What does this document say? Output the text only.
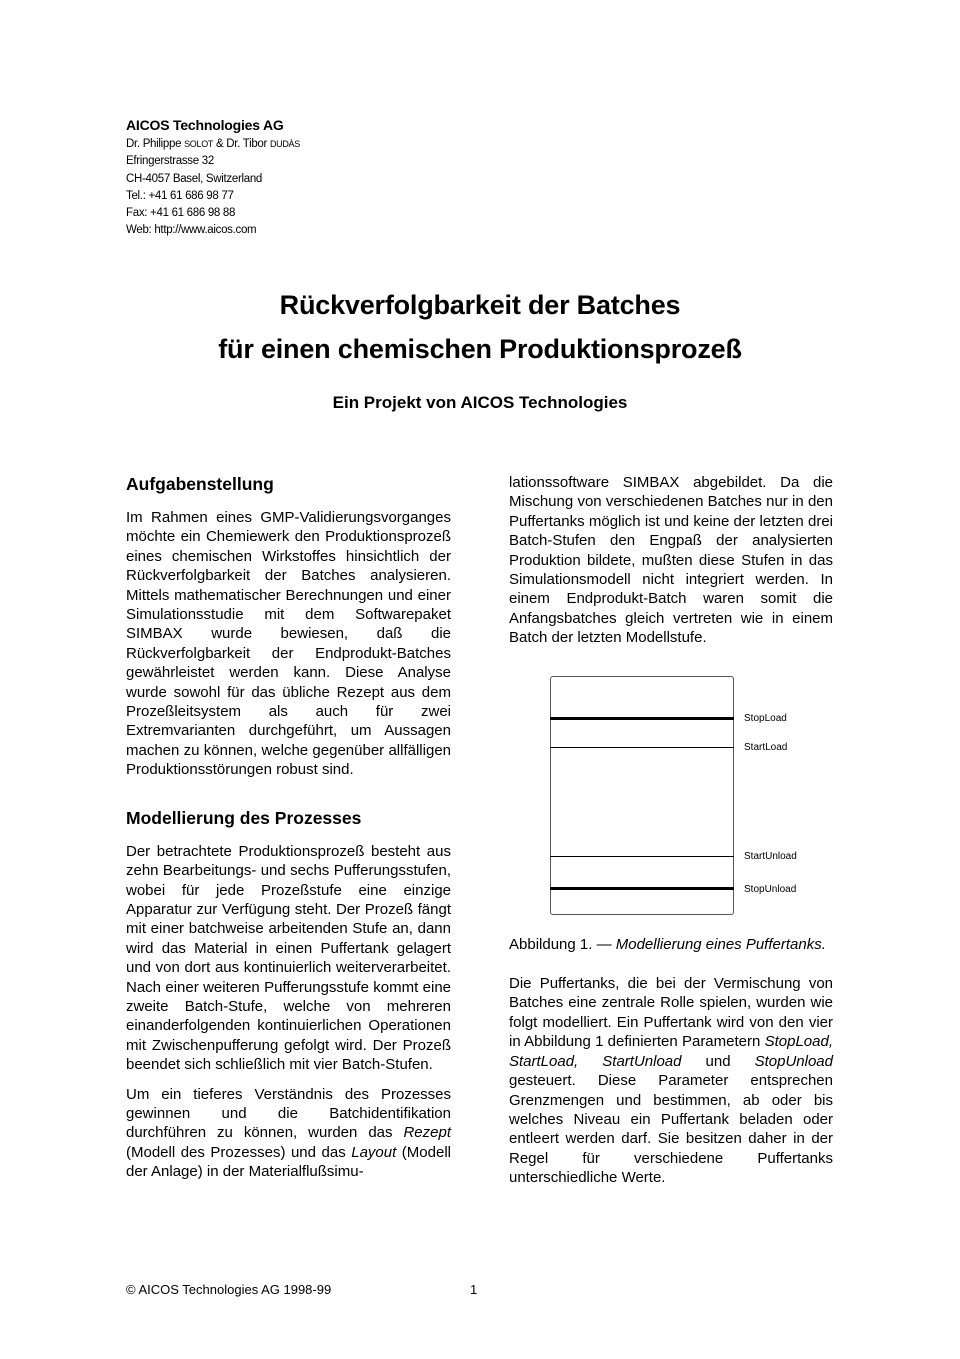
AICOS Technologies AG
Dr. Philippe SOLOT & Dr. Tibor DUDÀS
Efringerstrasse 32
CH-4057 Basel, Switzerland
Tel.: +41 61 686 98 77
Fax: +41 61 686 98 88
Web: http://www.aicos.com
Rückverfolgbarkeit der Batches
für einen chemischen Produktionsprozeß
Ein Projekt von AICOS Technologies
Aufgabenstellung

Im Rahmen eines GMP-Validierungsvorganges möchte ein Chemiewerk den Produktionsprozeß eines chemischen Wirkstoffes hinsichtlich der Rückverfolgbarkeit der Batches analysieren. Mittels mathematischer Berechnungen und einer Simulationsstudie mit dem Softwarepaket SIMBAX wurde bewiesen, daß die Rückverfolgbarkeit der Endprodukt-Batches gewährleistet werden kann. Diese Analyse wurde sowohl für das übliche Rezept aus dem Prozeßleitsystem als auch für zwei Extremvarianten durchgeführt, um Aussagen machen zu können, welche gegenüber allfälligen Produktionsstörungen robust sind.

Modellierung des Prozesses

Der betrachtete Produktionsprozeß besteht aus zehn Bearbeitungs- und sechs Pufferungsstufen, wobei für jede Prozeßstufe eine einzige Apparatur zur Verfügung steht. Der Prozeß fängt mit einer batchweise arbeitenden Stufe an, dann wird das Material in einen Puffertank gelagert und von dort aus kontinuierlich weiterverarbeitet. Nach einer weiteren Pufferungsstufe kommt eine zweite Batch-Stufe, welche von mehreren einanderfolgenden kontinuierlichen Operationen mit Zwischenpufferung gefolgt wird. Der Prozeß beendet sich schließlich mit vier Batch-Stufen.

Um ein tieferes Verständnis des Prozesses gewinnen und die Batchidentifikation durchführen zu können, wurden das Rezept (Modell des Prozesses) und das Layout (Modell der Anlage) in der Materialflußsimu-

lationssoftware SIMBAX abgebildet. Da die Mischung von verschiedenen Batches nur in den Puffertanks möglich ist und keine der letzten drei Batch-Stufen den Engpaß der analysierten Produktion bildete, mußten diese Stufen in das Simulationsmodell nicht integriert werden. In einem Endprodukt-Batch waren somit die Anfangsbatches gleich vertreten wie in einem Batch der letzten Modellstufe.

StopLoad
StartLoad
StartUnload
StopUnload

Abbildung 1. — Modellierung eines Puffertanks.

Die Puffertanks, die bei der Vermischung von Batches eine zentrale Rolle spielen, wurden wie folgt modelliert. Ein Puffertank wird von den vier in Abbildung 1 definierten Parametern StopLoad, StartLoad, StartUnload und StopUnload gesteuert. Diese Parameter entsprechen Grenzmengen und bestimmen, ab oder bis welches Niveau ein Puffertank beladen oder entleert werden darf. Sie besitzen daher in der Regel für verschiedene Puffertanks unterschiedliche Werte.

© AICOS Technologies AG 1998-99	1
